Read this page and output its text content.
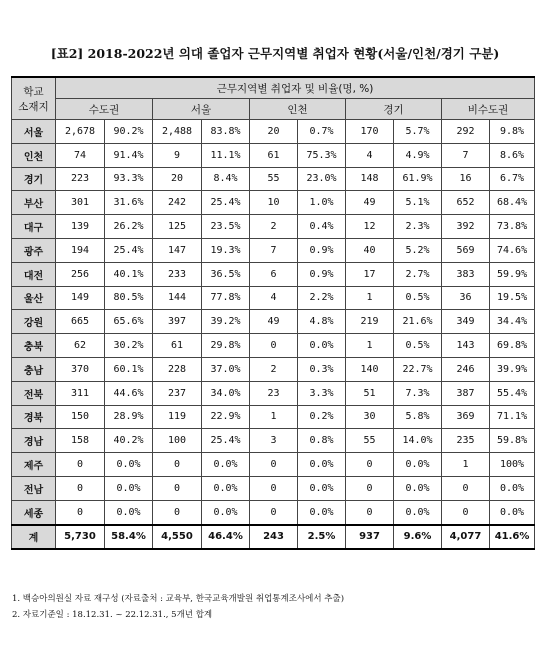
[표2] 2018-2022년 의대 졸업자 근무지역별 취업자 현황(서울/인천/경기 구분)
학교
소재지	근무지역별 취업자 및 비율(명, %)									
	수도권		서울		인천		경기		비수도권	
서울	2,678	90.2%	2,488	83.8%	20	0.7%	170	5.7%	292	9.8%
인천	74	91.4%	9	11.1%	61	75.3%	4	4.9%	7	8.6%
경기	223	93.3%	20	8.4%	55	23.0%	148	61.9%	16	6.7%
부산	301	31.6%	242	25.4%	10	1.0%	49	5.1%	652	68.4%
대구	139	26.2%	125	23.5%	2	0.4%	12	2.3%	392	73.8%
광주	194	25.4%	147	19.3%	7	0.9%	40	5.2%	569	74.6%
대전	256	40.1%	233	36.5%	6	0.9%	17	2.7%	383	59.9%
울산	149	80.5%	144	77.8%	4	2.2%	1	0.5%	36	19.5%
강원	665	65.6%	397	39.2%	49	4.8%	219	21.6%	349	34.4%
충북	62	30.2%	61	29.8%	0	0.0%	1	0.5%	143	69.8%
충남	370	60.1%	228	37.0%	2	0.3%	140	22.7%	246	39.9%
전북	311	44.6%	237	34.0%	23	3.3%	51	7.3%	387	55.4%
경북	150	28.9%	119	22.9%	1	0.2%	30	5.8%	369	71.1%
경남	158	40.2%	100	25.4%	3	0.8%	55	14.0%	235	59.8%
제주	0	0.0%	0	0.0%	0	0.0%	0	0.0%	1	100%
전남	0	0.0%	0	0.0%	0	0.0%	0	0.0%	0	0.0%
세종	0	0.0%	0	0.0%	0	0.0%	0	0.0%	0	0.0%
계	5,730	58.4%	4,550	46.4%	243	2.5%	937	9.6%	4,077	41.6%
1. 백승아의원실 자료 재구성 (자료출처 : 교육부, 한국교육개발원 취업통계조사에서 추출)
2. 자료기준일 : 18.12.31. ~ 22.12.31., 5개년 합계
